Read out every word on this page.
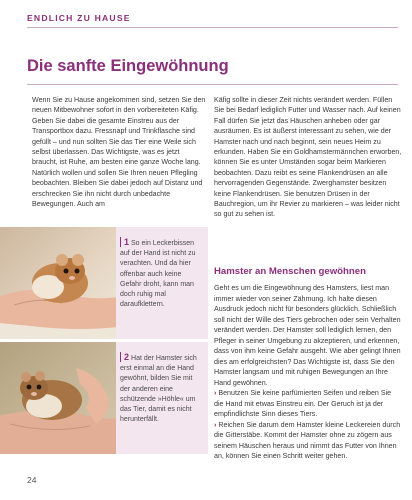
ENDLICH ZU HAUSE
Die sanfte Eingewöhnung

Wenn Sie zu Hause angekommen sind, setzen Sie den neuen Mitbewohner sofort in den vorbereiteten Käfig. Geben Sie dabei die gesamte Einstreu aus der Transportbox dazu. Fressnapf und Trinkflasche sind gefüllt – und nun sollten Sie das Tier eine Weile sich selbst überlassen. Das Wichtigste, was es jetzt braucht, ist Ruhe, am besten eine ganze Woche lang. Natürlich wollen und sollen Sie Ihren neuen Pflegling beobachten. Bleiben Sie dabei jedoch auf Distanz und erschrecken Sie ihn nicht durch unbedachte Bewegungen. Auch am

Käfig sollte in dieser Zeit nichts verändert werden. Füllen Sie bei Bedarf lediglich Futter und Wasser nach. Auf keinen Fall dürfen Sie jetzt das Häuschen anheben oder gar ausräumen. Es ist äußerst interessant zu sehen, wie der Hamster nach und nach beginnt, sein neues Heim zu erkunden. Haben Sie ein Goldhamstermännchen erworben, können Sie es unter Umständen sogar beim Markieren beobachten. Dazu reibt es seine Flankendrüsen an alle hervorragenden Gegenstände. Zwerghamster besitzen keine Flankendrüsen. Sie benutzen Drüsen in der Bauchregion, um ihr Revier zu markieren – was leider nicht so gut zu sehen ist.

Hamster an Menschen gewöhnen

Geht es um die Eingewöhnung des Hamsters, liest man immer wieder von seiner Zähmung. Ich halte diesen Ausdruck jedoch nicht für besonders glücklich. Schließlich soll nicht der Wille des Tiers gebrochen oder sein Verhalten verändert werden. Der Hamster soll lediglich lernen, den Pfleger in seiner Umgebung zu akzeptieren, und erkennen, dass von ihm keine Gefahr ausgeht. Wie aber gelingt Ihnen dies am erfolgreichsten? Das Wichtigste ist, dass Sie den Hamster langsam und mit ruhigen Bewegungen an Ihre Hand gewöhnen.

› Benutzen Sie keine parfümierten Seifen und reiben Sie die Hand mit etwas Einstreu ein. Der Geruch ist ja der empfindlichste Sinn dieses Tiers.

› Reichen Sie darum dem Hamster kleine Leckereien durch die Gitterstäbe. Kommt der Hamster ohne zu zögern aus seinem Häuschen heraus und nimmt das Futter von Ihnen an, können Sie einen Schritt weiter gehen.

1 So ein Leckerbissen auf der Hand ist nicht zu verachten. Und da hier offenbar auch keine Gefahr droht, kann man doch ruhig mal daraufklettern.
2 Hat der Hamster sich erst einmal an die Hand gewöhnt, bilden Sie mit der anderen eine schützende »Höhle« um das Tier, damit es nicht herunterfällt.
24
